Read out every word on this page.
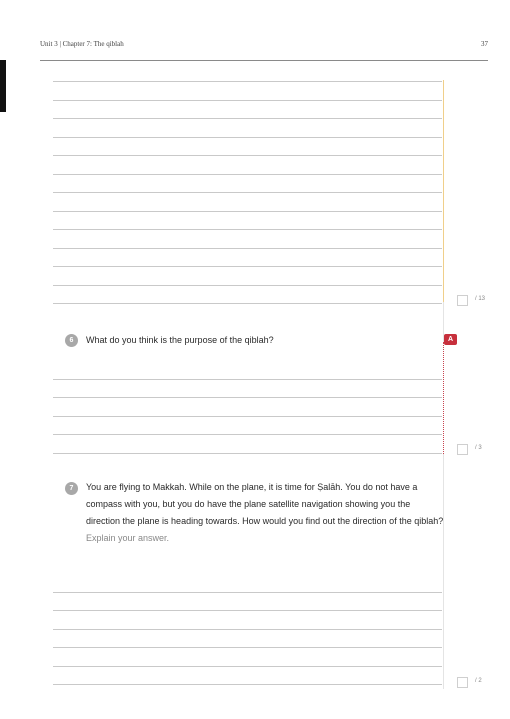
Unit 3 | Chapter 7: The qiblah	37
/ 13
6	What do you think is the purpose of the qiblah?	A
/ 3
7	You are flying to Makkah. While on the plane, it is time for Ṣalāh. You do not have a compass with you, but you do have the plane satellite navigation showing you the direction the plane is heading towards. How would you find out the direction of the qiblah? Explain your answer.
/ 2
